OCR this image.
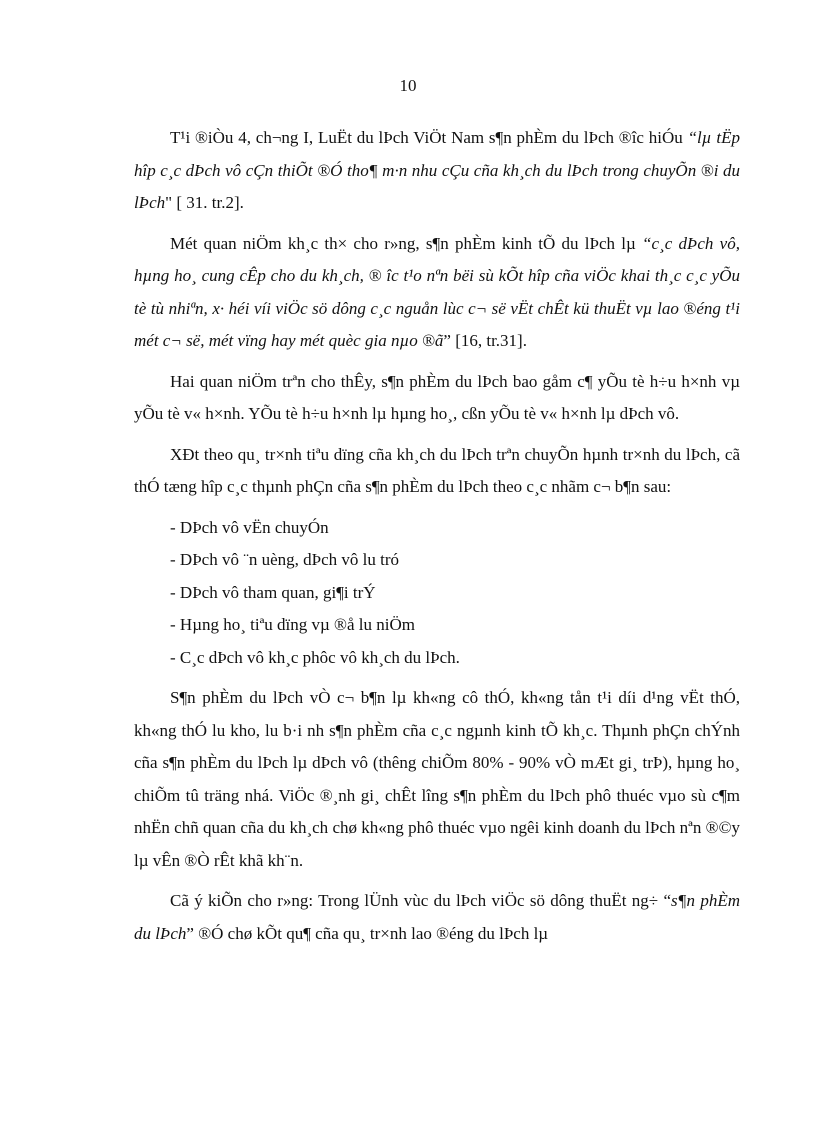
10

T¹i ®iÒu 4, ch¬ng I, LuËt du lÞch ViÖt Nam s¶n phÈm du lÞch ®îc hiÓu “lµ tËp hîp c¸c dÞch vô cÇn thiÕt ®Ó tho¶ m·n nhu cÇu cña kh¸ch du lÞch trong chuyÕn ®i du lÞch" [ 31. tr.2].

Mét quan niÖm kh¸c th× cho r»ng, s¶n phÈm kinh tÕ du lÞch lµ “c¸c dÞch vô, hµng ho¸ cung cÊp cho du kh¸ch, ® îc t¹o nªn bëi sù kÕt hîp cña viÖc khai th¸c c¸c yÕu tè tù nhiªn, x· héi víi viÖc sö dông c¸c nguån lùc c¬ së vËt chÊt kü thuËt vµ lao ®éng t¹i mét c¬ së, mét vïng hay mét quèc gia nµo ®ã” [16, tr.31].

Hai quan niÖm trªn cho thÊy, s¶n phÈm du lÞch bao gåm c¶ yÕu tè h÷u h×nh vµ yÕu tè v« h×nh. YÕu tè h÷u h×nh lµ hµng ho¸, cßn yÕu tè v« h×nh lµ dÞch vô.

XÐt theo qu¸ tr×nh tiªu dïng cña kh¸ch du lÞch trªn chuyÕn hµnh tr×nh du lÞch, cã thÓ tæng hîp c¸c thµnh phÇn cña s¶n phÈm du lÞch theo c¸c nhãm c¬ b¶n sau:

- DÞch vô vËn chuyÓn
- DÞch vô ¨n uèng, dÞch vô lu tró
- DÞch vô tham quan, gi¶i trÝ
- Hµng ho¸ tiªu dïng vµ ®å lu niÖm
- C¸c dÞch vô kh¸c phôc vô kh¸ch du lÞch.

S¶n phÈm du lÞch vÒ c¬ b¶n lµ kh«ng cô thÓ, kh«ng tån t¹i díi d¹ng vËt thÓ, kh«ng thÓ lu kho, lu b·i nh s¶n phÈm cña c¸c ngµnh kinh tÕ kh¸c. Thµnh phÇn chÝnh cña s¶n phÈm du lÞch lµ dÞch vô (thêng chiÕm 80% - 90% vÒ mÆt gi¸ trÞ), hµng ho¸ chiÕm tû träng nhá. ViÖc ®¸nh gi¸ chÊt lîng s¶n phÈm du lÞch phô thuéc vµo sù c¶m nhËn chñ quan cña du kh¸ch chø kh«ng phô thuéc vµo ngêi kinh doanh du lÞch nªn ®©y lµ vÊn ®Ò rÊt khã kh¨n.

Cã ý kiÕn cho r»ng: Trong lÜnh vùc du lÞch viÖc sö dông thuËt ng÷ “s¶n phÈm du lÞch” ®Ó chø kÕt qu¶ cña qu¸ tr×nh lao ®éng du lÞch lµ
